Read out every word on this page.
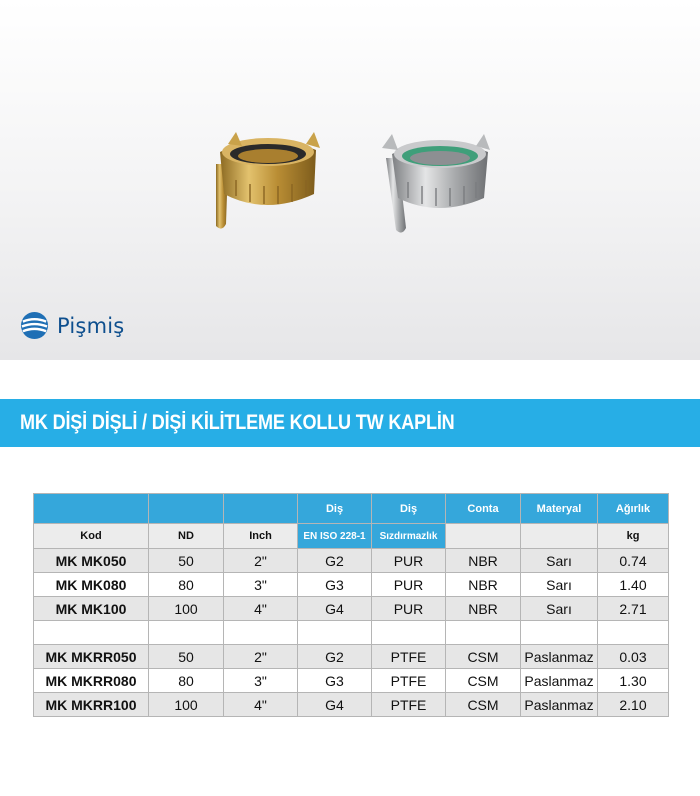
Pişmiş
MK DİŞİ DİŞLİ / DİŞİ KİLİTLEME KOLLU TW KAPLİN
			Diş	Diş	Conta	Materyal	Ağırlık
Kod	ND	Inch	EN ISO 228-1	Sızdırmazlık			kg
MK MK050	50	2"	G2	PUR	NBR	Sarı	0.74
MK MK080	80	3"	G3	PUR	NBR	Sarı	1.40
MK MK100	100	4"	G4	PUR	NBR	Sarı	2.71

MK MKRR050	50	2"	G2	PTFE	CSM	Paslanmaz	0.03
MK MKRR080	80	3"	G3	PTFE	CSM	Paslanmaz	1.30
MK MKRR100	100	4"	G4	PTFE	CSM	Paslanmaz	2.10
